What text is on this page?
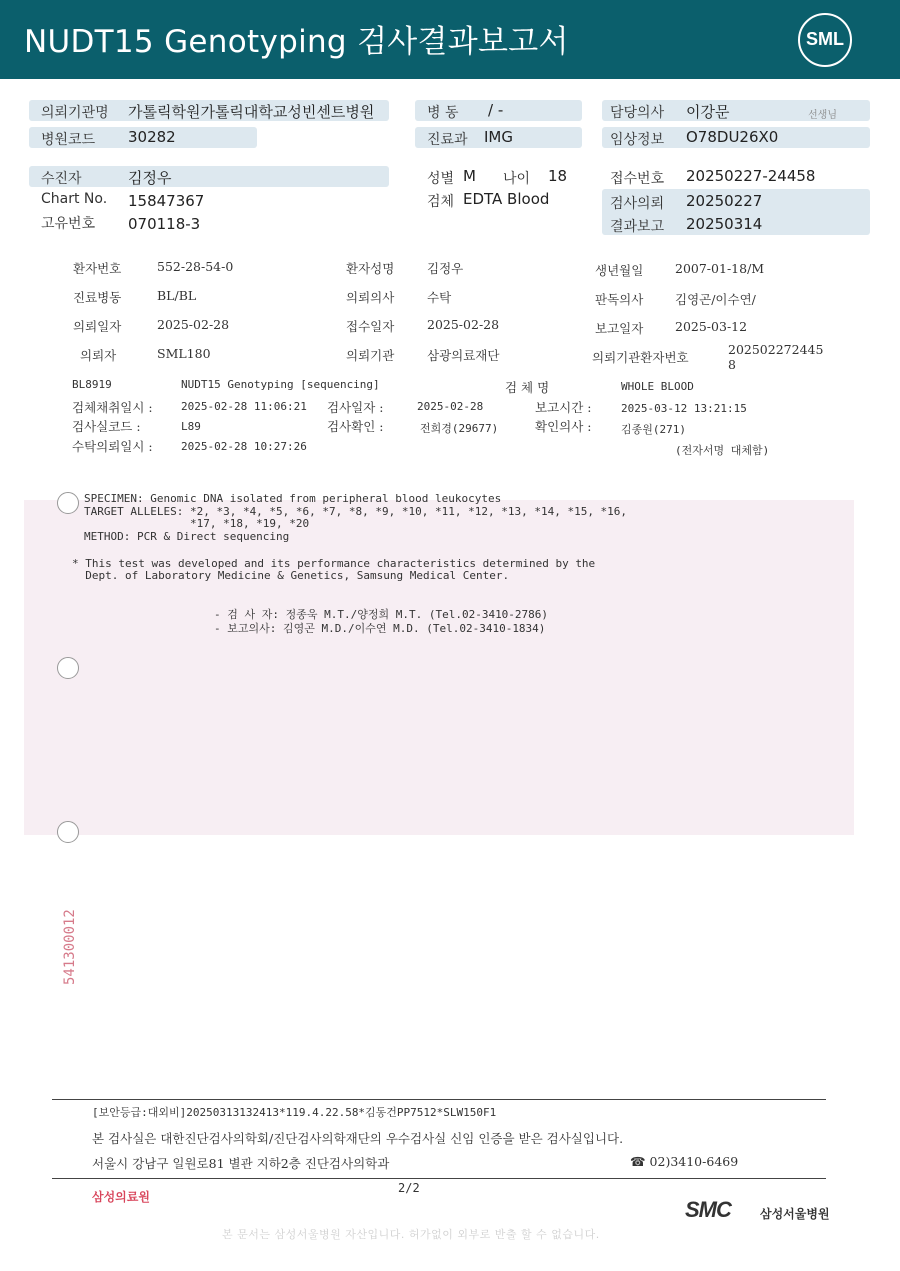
NUDT15 Genotyping 검사결과보고서	SML
의뢰기관명 가톨릭학원가톨릭대학교성빈센트병원
병원코드 30282
병 동 / -
진료과 IMG
담당의사 이강문	선생님
임상정보 O78DU26X0
수진자	김정우
Chart No. 15847367
고유번호 070118-3
성별 M 나이 18
검체 EDTA Blood
접수번호 20250227-24458
검사의뢰 20250227
결과보고 20250314
환자번호	552-28-54-0	환자성명	김정우	생년월일	2007-01-18/M
진료병동	BL/BL	의뢰의사	수탁	판독의사	김영곤/이수연/
의뢰일자	2025-02-28	접수일자	2025-02-28	보고일자	2025-03-12
의뢰자	SML180	의뢰기관	삼광의료재단	의뢰기관환자번호
202502272445
8
BL8919	NUDT15 Genotyping [sequencing]	검 체 명	WHOLE BLOOD
검체채취일시 :	2025-02-28 11:06:21 검사일자 :	2025-02-28	보고시간 :	2025-03-12 13:21:15
검사실코드 :	L89	검사확인 :	전희경(29677)	확인의사 :	김종원(271)
수탁의뢰일시 :	2025-02-28 10:27:26	(전자서명 대체함)
SPECIMEN: Genomic DNA isolated from peripheral blood leukocytes
TARGET ALLELES: *2, *3, *4, *5, *6, *7, *8, *9, *10, *11, *12, *13, *14, *15, *16,
*17, *18, *19, *20
METHOD: PCR & Direct sequencing
* This test was developed and its performance characteristics determined by the
Dept. of Laboratory Medicine & Genetics, Samsung Medical Center.
- 검 사 자: 정종욱 M.T./양정희 M.T. (Tel.02-3410-2786)
- 보고의사: 김영곤 M.D./이수연 M.D. (Tel.02-3410-1834)
541300012
[보안등급:대외비]20250313132413*119.4.22.58*김동건PP7512*SLW150F1
본 검사실은 대한진단검사의학회/진단검사의학재단의 우수검사실 신임 인증을 받은 검사실입니다.
서울시 강남구 일원로81 별관 지하2층 진단검사의학과	☎ 02)3410-6469
2/2
삼성의료원	SMC 삼성서울병원
본 문서는 삼성서울병원 자산입니다. 허가없이 외부로 반출 할 수 없습니다.
